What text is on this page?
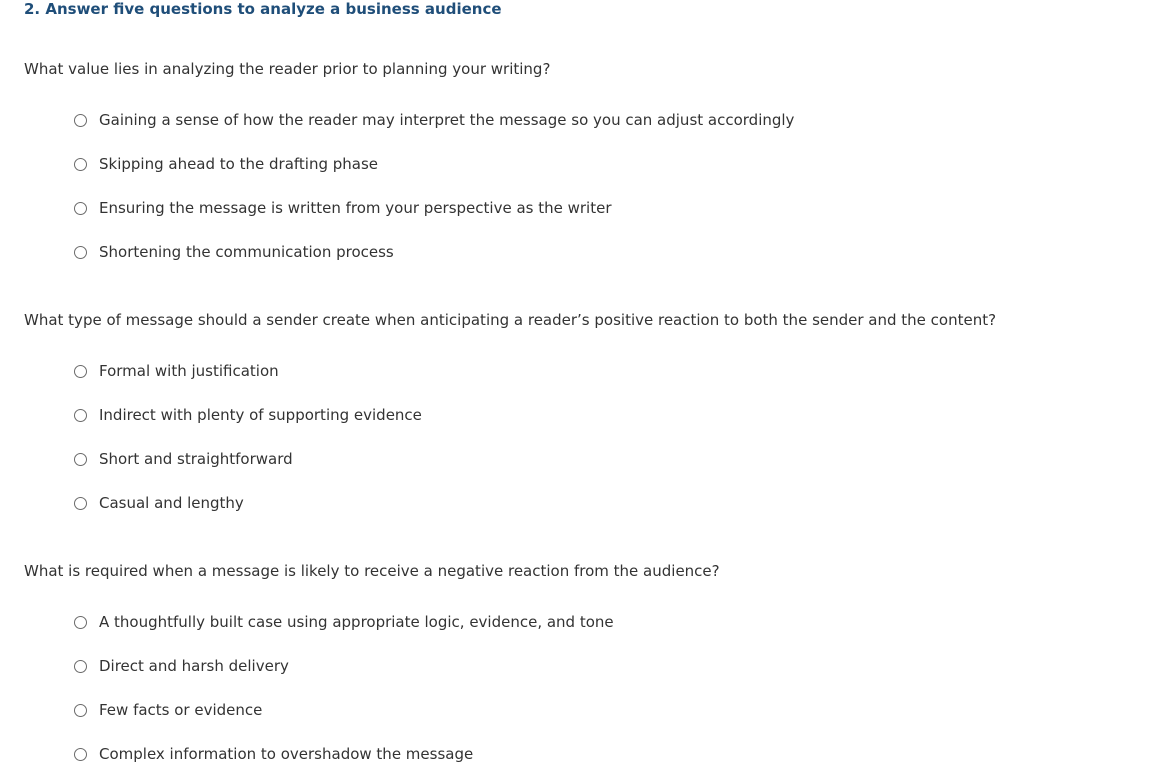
2. Answer five questions to analyze a business audience
What value lies in analyzing the reader prior to planning your writing?
Gaining a sense of how the reader may interpret the message so you can adjust accordingly
Skipping ahead to the drafting phase
Ensuring the message is written from your perspective as the writer
Shortening the communication process
What type of message should a sender create when anticipating a reader’s positive reaction to both the sender and the content?
Formal with justification
Indirect with plenty of supporting evidence
Short and straightforward
Casual and lengthy
What is required when a message is likely to receive a negative reaction from the audience?
A thoughtfully built case using appropriate logic, evidence, and tone
Direct and harsh delivery
Few facts or evidence
Complex information to overshadow the message
